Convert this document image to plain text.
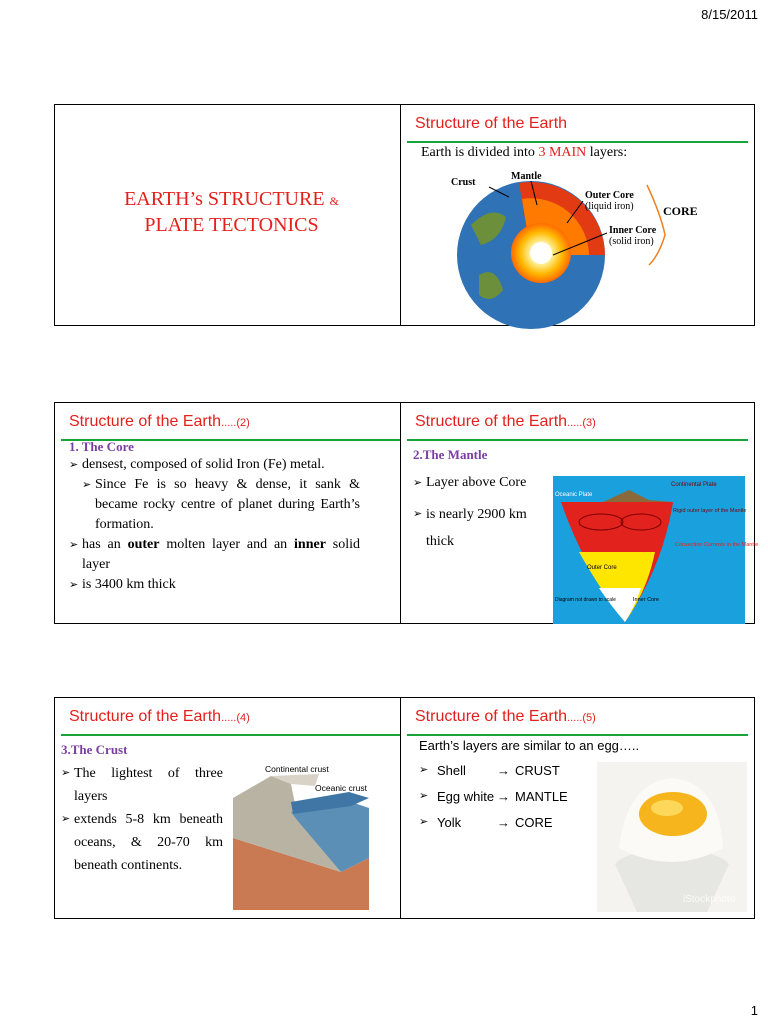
8/15/2011
EARTH’s STRUCTURE &
PLATE TECTONICS
Structure of the Earth
Earth is divided into 3 MAIN layers:
Crust
Mantle
Outer Core
(liquid iron)
Inner Core
(solid iron)
CORE
Structure of the Earth.....(2)
1. The Core
➢ densest, composed of solid Iron (Fe) metal.
➢ Since Fe is so heavy & dense, it sank & became rocky centre of planet during Earth’s formation.
➢ has an outer molten layer and an inner solid layer
➢ is 3400 km thick
Structure of the Earth.....(3)
2.The Mantle
➢ Layer above Core
➢ is nearly 2900 km thick
Oceanic Plate
Continental Plate
Rigid outer layer of the Mantle
Convection Currents in the Mantle
Outer Core
Inner Core
Diagram not drawn to scale
Structure of the Earth.....(4)
3.The Crust
➢ The lightest of three layers
➢ extends 5-8 km beneath oceans, & 20-70 km beneath continents.
Continental crust
Oceanic crust
Structure of the Earth.....(5)
Earth’s layers are similar to an egg…..
➢ Shell → CRUST
➢ Egg white → MANTLE
➢ Yolk	→ CORE
iStockphoto
1
